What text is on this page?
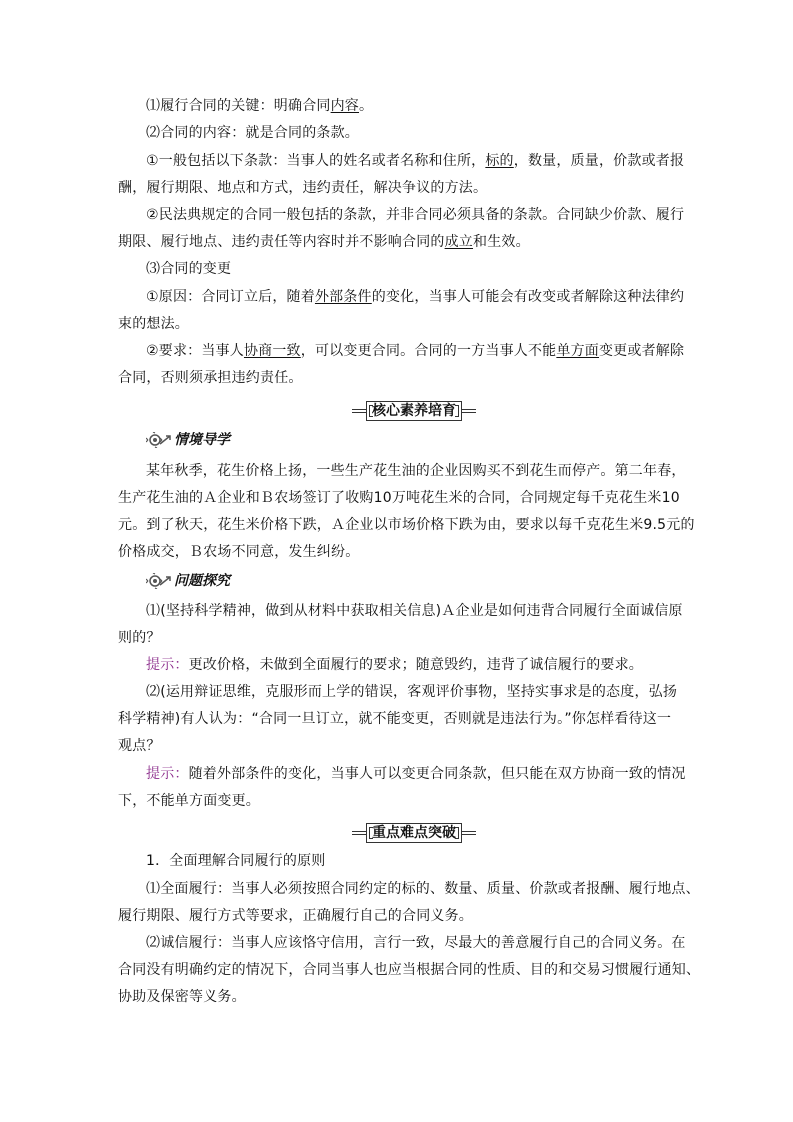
⑴履行合同的关键：明确合同内容。
⑵合同的内容：就是合同的条款。
①一般包括以下条款：当事人的姓名或者名称和住所，标的，数量，质量，价款或者报
酬，履行期限、地点和方式，违约责任，解决争议的方法。
②民法典规定的合同一般包括的条款，并非合同必须具备的条款。合同缺少价款、履行
期限、履行地点、违约责任等内容时并不影响合同的成立和生效。
⑶合同的变更
①原因：合同订立后，随着外部条件的变化，当事人可能会有改变或者解除这种法律约
束的想法。
②要求：当事人协商一致，可以变更合同。合同的一方当事人不能单方面变更或者解除
合同，否则须承担违约责任。
核心素养培育
情境导学
某年秋季，花生价格上扬，一些生产花生油的企业因购买不到花生而停产。第二年春，
生产花生油的Ａ企业和Ｂ农场签订了收购10万吨花生米的合同，合同规定每千克花生米10
元。到了秋天，花生米价格下跌，Ａ企业以市场价格下跌为由，要求以每千克花生米9.5元的
价格成交，Ｂ农场不同意，发生纠纷。
问题探究
⑴(坚持科学精神，做到从材料中获取相关信息)Ａ企业是如何违背合同履行全面诚信原
则的？
提示：更改价格，未做到全面履行的要求；随意毁约，违背了诚信履行的要求。
⑵(运用辩证思维，克服形而上学的错误，客观评价事物，坚持实事求是的态度，弘扬
科学精神)有人认为：“合同一旦订立，就不能变更，否则就是违法行为。”你怎样看待这一
观点？
提示：随着外部条件的变化，当事人可以变更合同条款，但只能在双方协商一致的情况
下，不能单方面变更。
重点难点突破
1．全面理解合同履行的原则
⑴全面履行：当事人必须按照合同约定的标的、数量、质量、价款或者报酬、履行地点、
履行期限、履行方式等要求，正确履行自己的合同义务。
⑵诚信履行：当事人应该恪守信用，言行一致，尽最大的善意履行自己的合同义务。在
合同没有明确约定的情况下，合同当事人也应当根据合同的性质、目的和交易习惯履行通知、
协助及保密等义务。
